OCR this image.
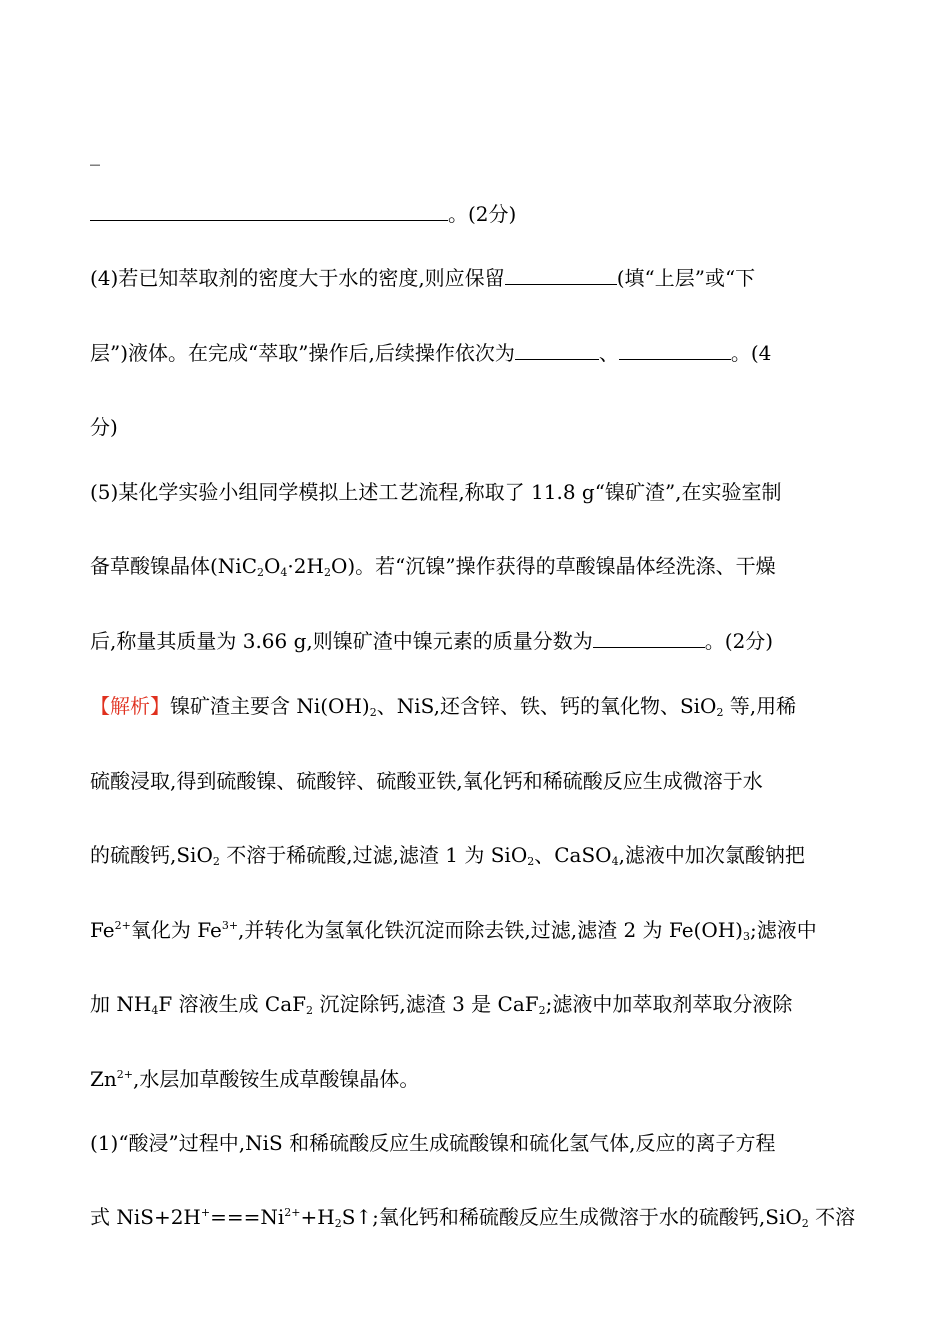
_
。(2分)
(4)若已知萃取剂的密度大于水的密度,则应保留	(填“上层”或“下
层”)液体。在完成“萃取”操作后,后续操作依次为	、	。(4
分)
(5)某化学实验小组同学模拟上述工艺流程,称取了 11.8 g“镍矿渣”,在实验室制
备草酸镍晶体$(NiC_2O_4\cdot 2H_2O)$。若“沉镍”操作获得的草酸镍晶体经洗涤、干燥
后,称量其质量为 3.66 g,则镍矿渣中镍元素的质量分数为	。(2分)
【解析】镍矿渣主要含 $Ni(OH)_2$、NiS,还含锌、铁、钙的氧化物、SiO$_2$ 等,用稀
硫酸浸取,得到硫酸镍、硫酸锌、硫酸亚铁,氧化钙和稀硫酸反应生成微溶于水
的硫酸钙,SiO$_2$ 不溶于稀硫酸,过滤,滤渣 1 为 SiO$_2$、CaSO$_4$,滤液中加次氯酸钠把
$Fe^{2+}$氧化为 $Fe^{3+}$,并转化为氢氧化铁沉淀而除去铁,过滤,滤渣 2 为 $Fe(OH)_3$;滤液中
加 $NH_4F$ 溶液生成 CaF$_2$ 沉淀除钙,滤渣 3 是 CaF$_2$;滤液中加萃取剂萃取分液除
$Zn^{2+}$,水层加草酸铵生成草酸镍晶体。
(1)“酸浸”过程中,NiS 和稀硫酸反应生成硫酸镍和硫化氢气体,反应的离子方程
式 $NiS+2H^+===Ni^{2+}+H_2S↑$;氧化钙和稀硫酸反应生成微溶于水的硫酸钙,SiO$_2$ 不溶
